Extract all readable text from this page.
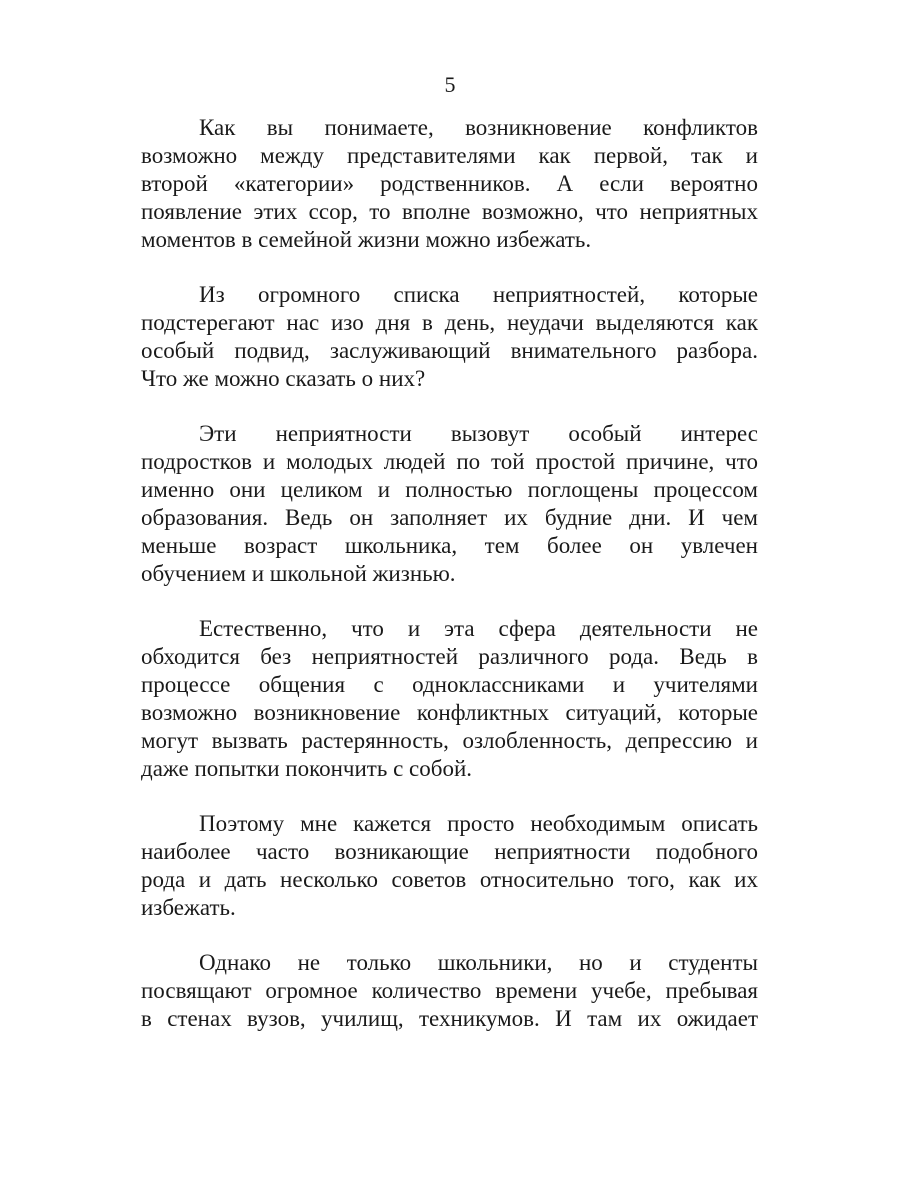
5

Как вы понимаете, возникновение конфликтов
возможно между представителями как первой, так и
второй «категории» родственников. А если вероятно
появление этих ссор, то вполне возможно, что неприятных
моментов в семейной жизни можно избежать.

Из огромного списка неприятностей, которые
подстерегают нас изо дня в день, неудачи выделяются как
особый подвид, заслуживающий внимательного разбора.
Что же можно сказать о них?

Эти неприятности вызовут особый интерес
подростков и молодых людей по той простой причине, что
именно они целиком и полностью поглощены процессом
образования. Ведь он заполняет их будние дни. И чем
меньше возраст школьника, тем более он увлечен
обучением и школьной жизнью.

Естественно, что и эта сфера деятельности не
обходится без неприятностей различного рода. Ведь в
процессе общения с одноклассниками и учителями
возможно возникновение конфликтных ситуаций, которые
могут вызвать растерянность, озлобленность, депрессию и
даже попытки покончить с собой.

Поэтому мне кажется просто необходимым описать
наиболее часто возникающие неприятности подобного
рода и дать несколько советов относительно того, как их
избежать.

Однако не только школьники, но и студенты
посвящают огромное количество времени учебе, пребывая
в стенах вузов, училищ, техникумов. И там их ожидает
